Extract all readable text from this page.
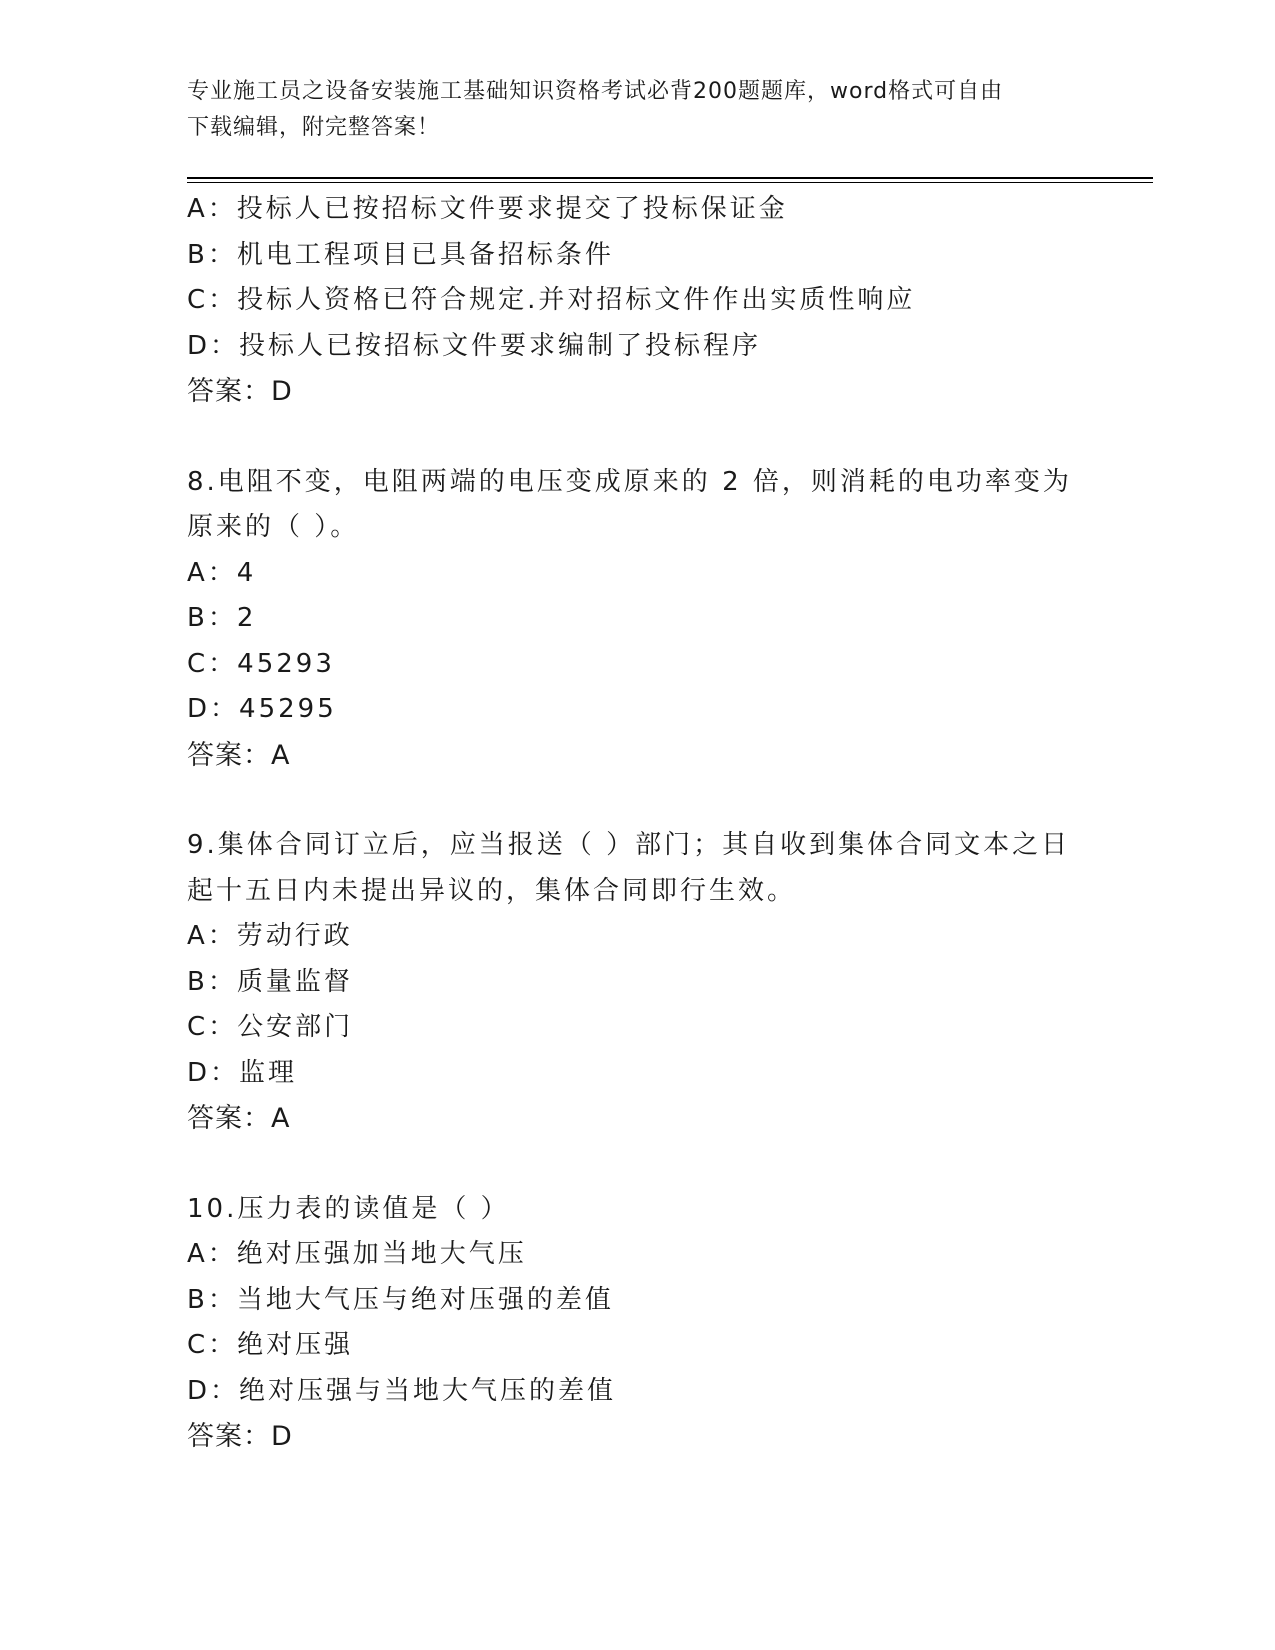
专业施工员之设备安装施工基础知识资格考试必背200题题库，word格式可自由
下载编辑，附完整答案！
A：投标人已按招标文件要求提交了投标保证金
B：机电工程项目已具备招标条件
C：投标人资格已符合规定.并对招标文件作出实质性响应
D：投标人已按招标文件要求编制了投标程序
答案：D
8.电阻不变，电阻两端的电压变成原来的 2 倍，则消耗的电功率变为
原来的（ ）。
A：4
B：2
C：45293
D：45295
答案：A
9.集体合同订立后，应当报送（ ）部门；其自收到集体合同文本之日
起十五日内未提出异议的，集体合同即行生效。
A：劳动行政
B：质量监督
C：公安部门
D：监理
答案：A
10.压力表的读值是（ ）
A：绝对压强加当地大气压
B：当地大气压与绝对压强的差值
C：绝对压强
D：绝对压强与当地大气压的差值
答案：D
